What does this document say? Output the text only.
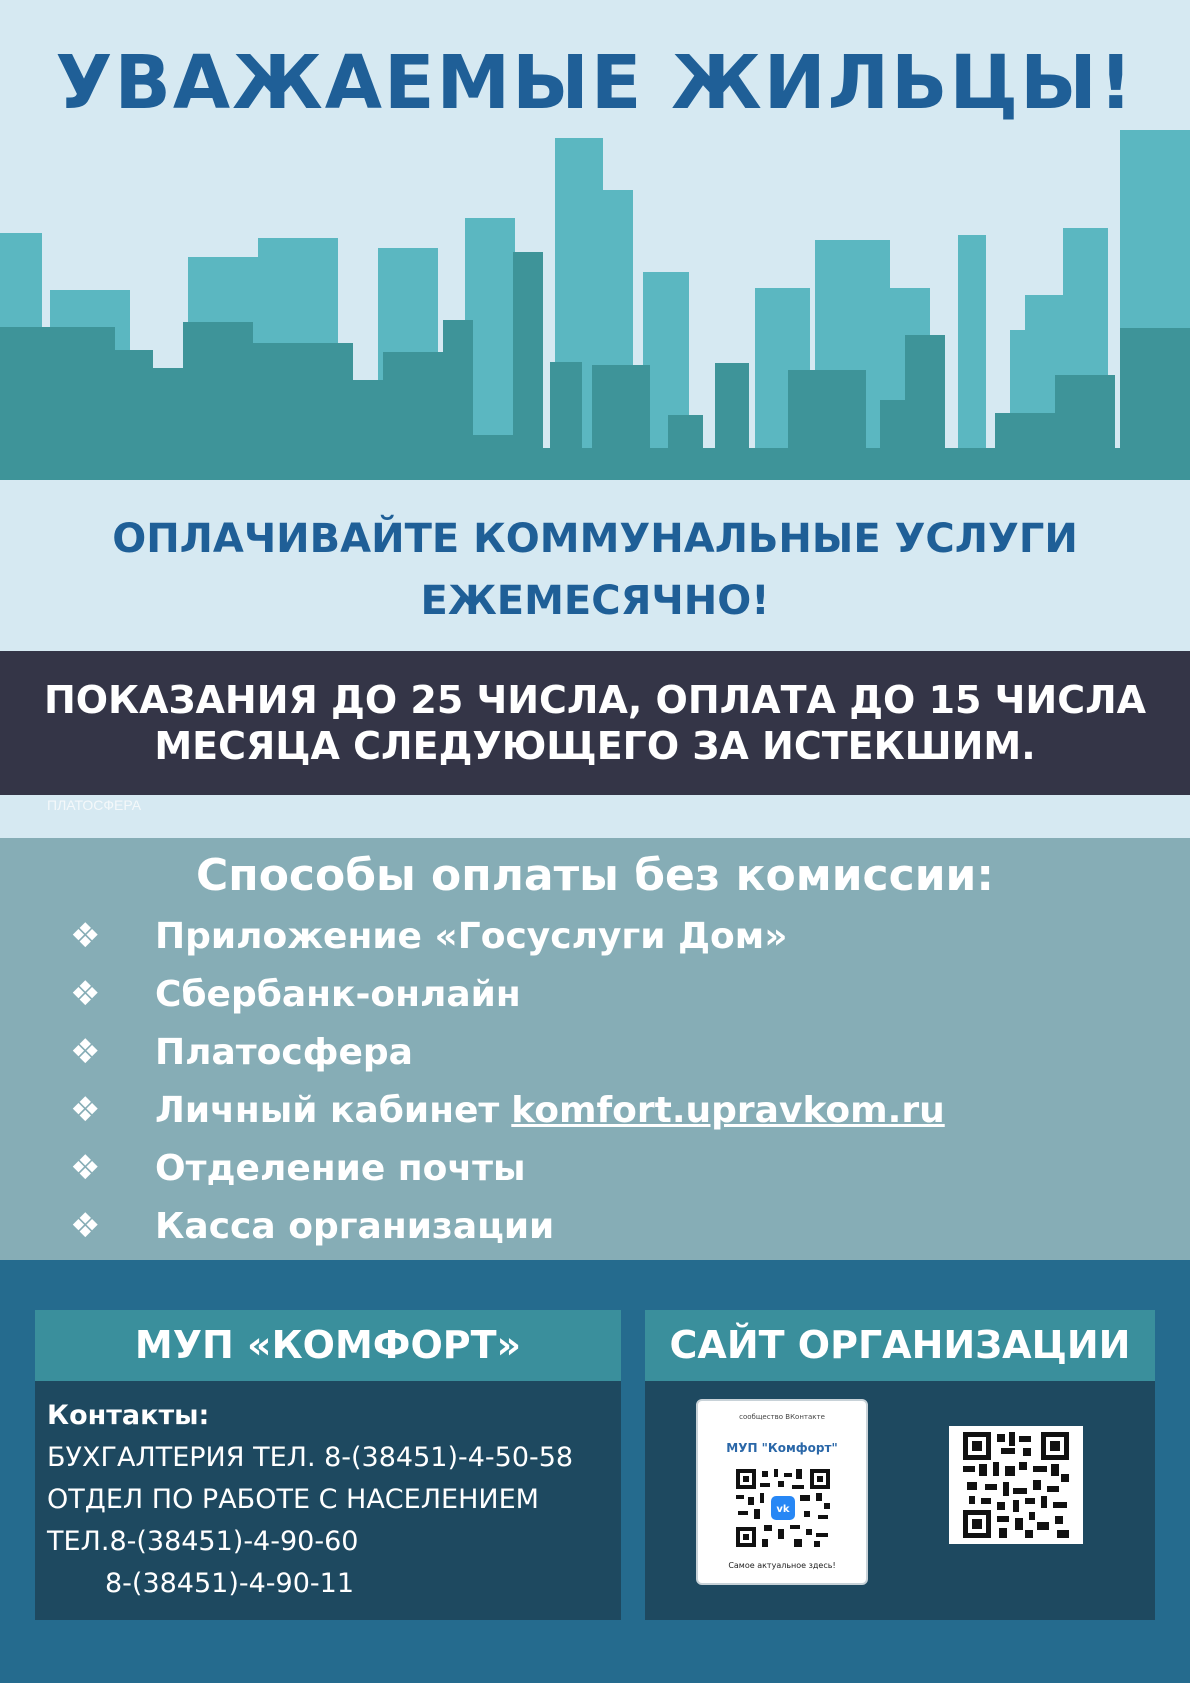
УВАЖАЕМЫЕ ЖИЛЬЦЫ!
ОПЛАЧИВАЙТЕ КОММУНАЛЬНЫЕ УСЛУГИ
ЕЖЕМЕСЯЧНО!
ПОКАЗАНИЯ ДО 25 ЧИСЛА, ОПЛАТА ДО 15 ЧИСЛА
МЕСЯЦА СЛЕДУЮЩЕГО ЗА ИСТЕКШИМ.
ПЛАТОСФЕРА
Способы оплаты без комиссии:
❖ Приложение «Госуслуги Дом»
❖ Сбербанк-онлайн
❖ Платосфера
❖ Личный кабинет komfort.upravkom.ru
❖ Отделение почты
❖ Касса организации
МУП «КОМФОРТ»
Контакты:
БУХГАЛТЕРИЯ ТЕЛ. 8-(38451)-4-50-58
ОТДЕЛ ПО РАБОТЕ С НАСЕЛЕНИЕМ
ТЕЛ.8-(38451)-4-90-60
8-(38451)-4-90-11
САЙТ ОРГАНИЗАЦИИ
сообщество ВКонтакте
МУП "Комфорт"
vk
Самое актуальное здесь!
